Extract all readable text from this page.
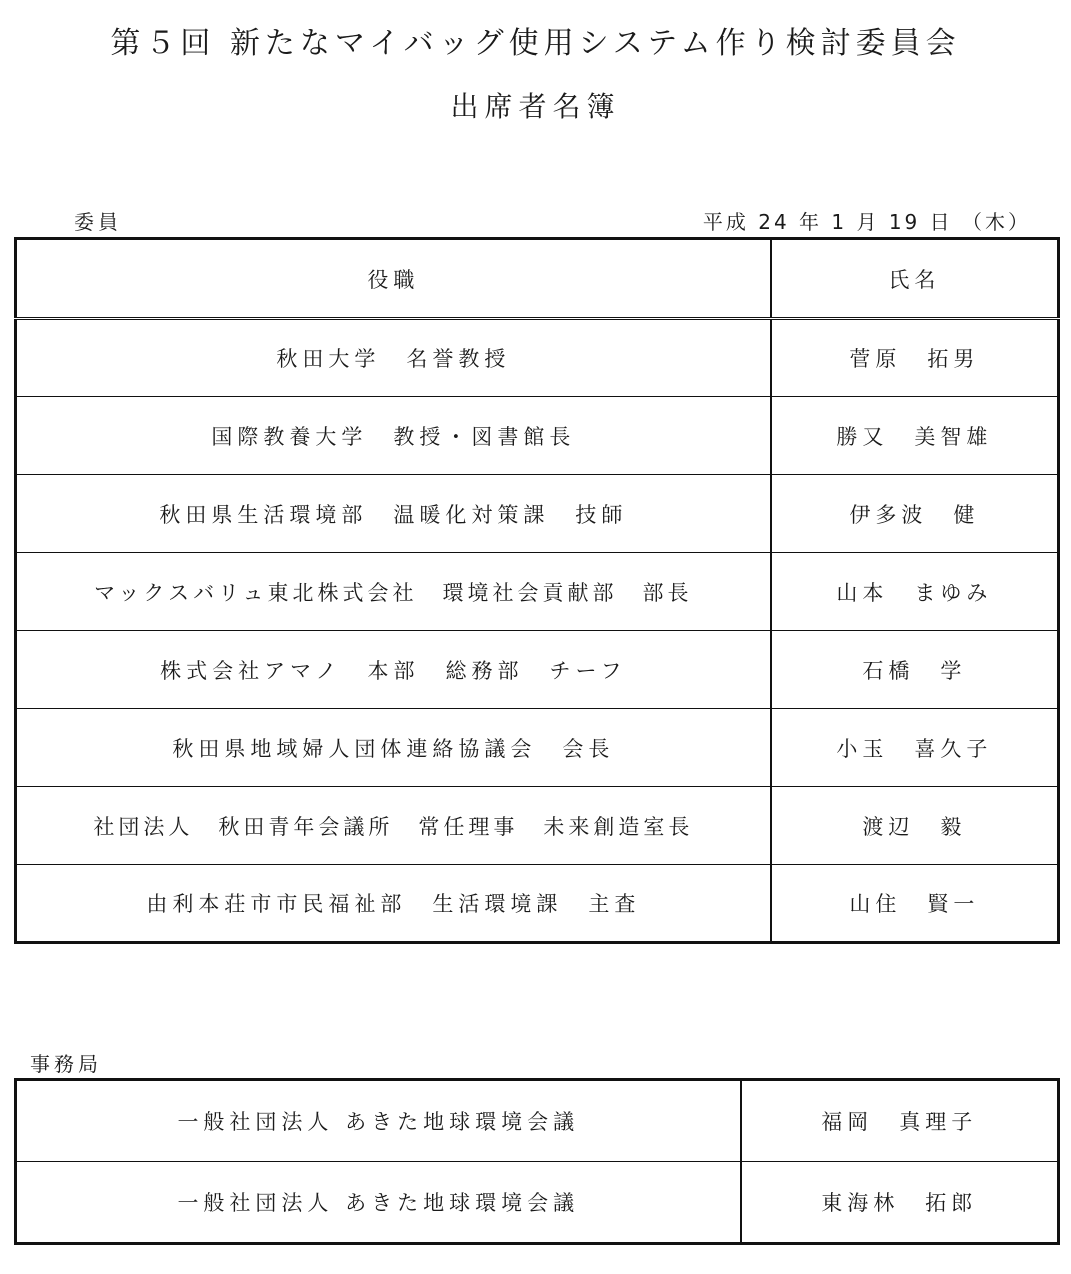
第５回 新たなマイバッグ使用システム作り検討委員会
出席者名簿
委員	平成 24 年 1 月 19 日 （木）
役職	氏名
秋田大学　名誉教授	菅原　拓男
国際教養大学　教授・図書館長	勝又　美智雄
秋田県生活環境部　温暖化対策課　技師	伊多波　健
マックスバリュ東北株式会社　環境社会貢献部　部長	山本　まゆみ
株式会社アマノ　本部　総務部　チーフ	石橋　学
秋田県地域婦人団体連絡協議会　会長	小玉　喜久子
社団法人　秋田青年会議所　常任理事　未来創造室長	渡辺　毅
由利本荘市市民福祉部　生活環境課　主査	山住　賢一
事務局
一般社団法人 あきた地球環境会議	福岡　真理子
一般社団法人 あきた地球環境会議	東海林　拓郎
